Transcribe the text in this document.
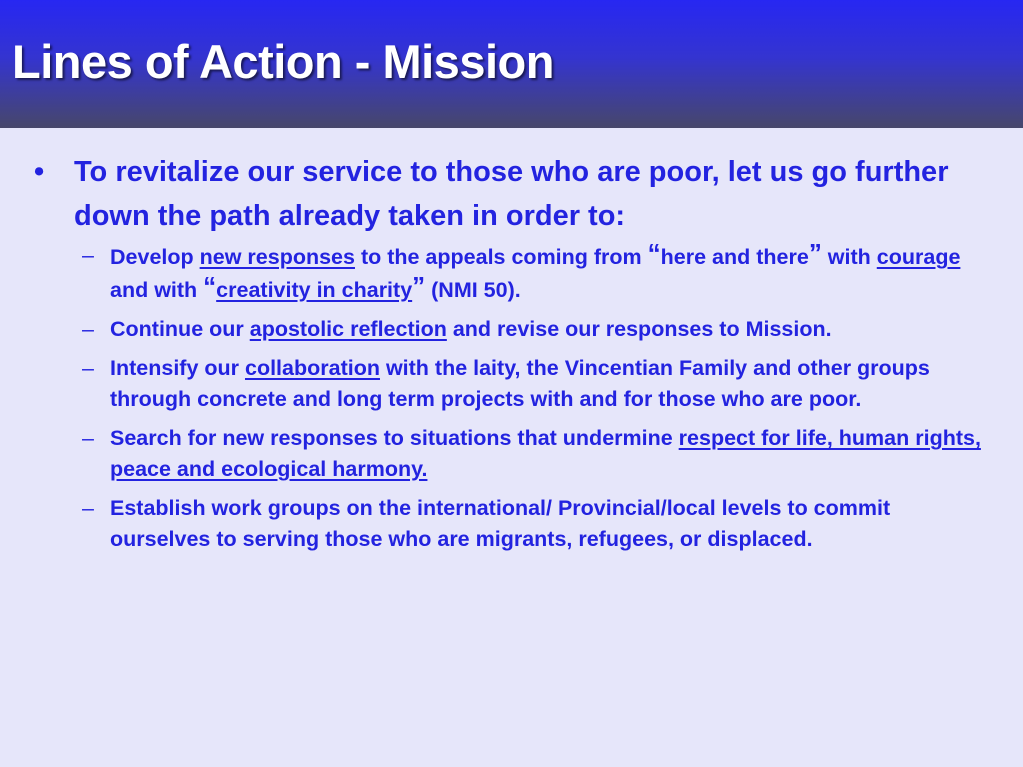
Lines of Action - Mission
•	To revitalize our service to those who are poor, let us go further down the path already taken in order to:
– Develop new responses to the appeals coming from “here and there” with courage and with “creativity in charity” (NMI 50).
– Continue our apostolic reflection and revise our responses to Mission.
– Intensify our collaboration with the laity, the Vincentian Family and other groups through concrete and long term projects with and for those who are poor.
– Search for new responses to situations that undermine respect for life, human rights, peace and ecological harmony.
– Establish work groups on the international/ Provincial/local levels to commit ourselves to serving those who are migrants, refugees, or displaced.
